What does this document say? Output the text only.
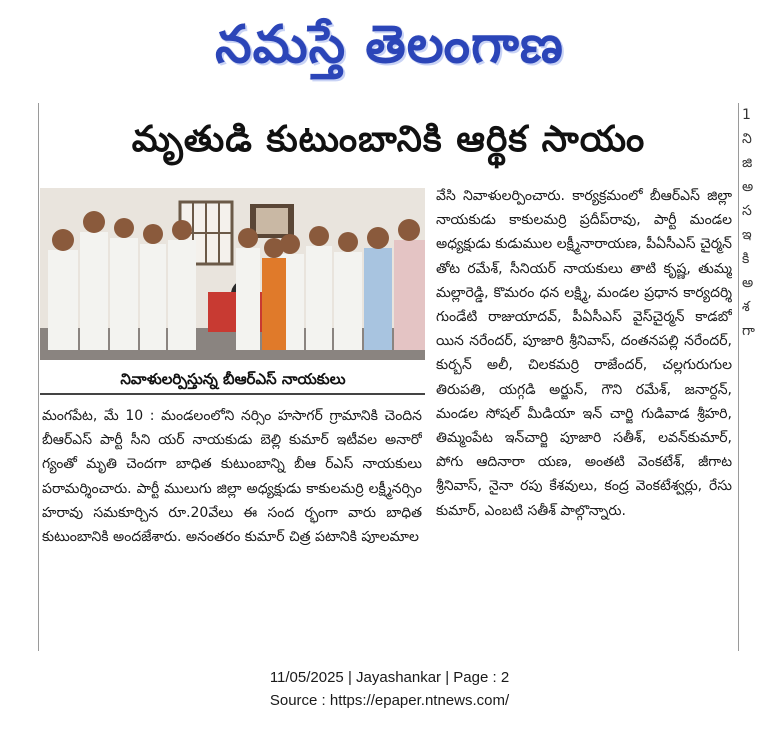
నమస్తే తెలంగాణ
1
ని
జి
అ
స
ఇ
కి
అ
శ
గా
మృతుడి కుటుంబానికి ఆర్థిక సాయం
నివాళులర్పిస్తున్న బీఆర్ఎస్ నాయకులు

మంగపేట, మే 10 : మండలంలోని నర్సిం హసాగర్ గ్రామానికి చెందిన బీఆర్ఎస్ పార్టీ సీని యర్ నాయకుడు బెల్లి కుమార్ ఇటీవల అనారో గ్యంతో మృతి చెందగా బాధిత కుటుంబాన్ని బీఆ ర్ఎస్ నాయకులు పరామర్శించారు. పార్టీ ములుగు జిల్లా అధ్యక్షుడు కాకులమర్రి లక్ష్మీనర్సిం హరావు సమకూర్చిన రూ.20వేలు ఈ సంద ర్భంగా వారు బాధిత కుటుంబానికి అందజేశారు. అనంతరం కుమార్ చిత్ర పటానికి పూలమాల

వేసి నివాళులర్పించారు. కార్యక్రమంలో బీఆర్ఎస్ జిల్లా నాయకుడు కాకులమర్రి ప్రదీప్‌రావు, పార్టీ మండల అధ్యక్షుడు కుడుముల లక్ష్మీనారాయణ, పీఏసీఎస్ చైర్మన్ తోట రమేశ్, సీనియర్ నాయకులు తాటి కృష్ణ, తుమ్మ మల్లారెడ్డి, కొమరం ధన లక్ష్మి, మండల ప్రధాన కార్యదర్శి గుండేటి రాజుయాదవ్, పీఏసీఎస్ వైస్‌చైర్మన్ కాడబో యిన నరేందర్, పూజారి శ్రీనివాస్, దంతనపల్లి నరేందర్, కుర్బన్ అలీ, చిలకమర్రి రాజేందర్, చల్లగురుగుల తిరుపతి, యగ్గడి అర్జున్, గౌని రమేశ్, జనార్దన్, మండల సోషల్ మీడియా ఇన్ చార్జి గుడివాడ శ్రీహరి, తిమ్మంపేట ఇన్‌చార్జి పూజారి సతీశ్, లవన్‌కుమార్, పోగు ఆదినారా యణ, అంతటి వెంకటేశ్, జీగాట శ్రీనివాస్, నైనా రపు కేశవులు, కంద్ర వెంకటేశ్వర్లు, రేసు కుమార్, ఎంబటి సతీశ్ పాల్గొన్నారు.

11/05/2025 | Jayashankar | Page : 2
Source : https://epaper.ntnews.com/
